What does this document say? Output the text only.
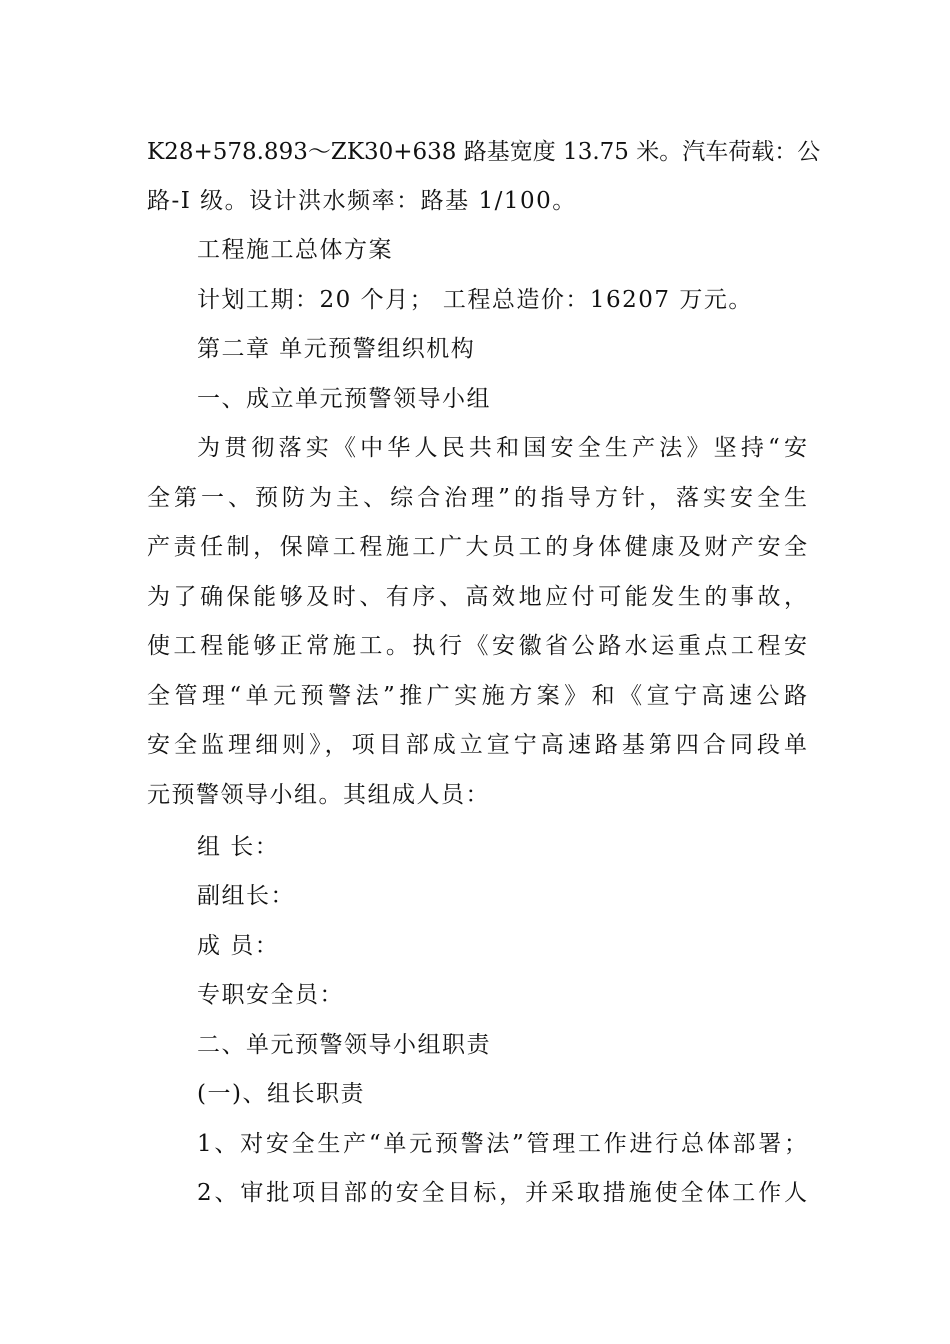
K28+578.893～ZK30+638 路基宽度 13.75 米。汽车荷载：公
路-I 级。设计洪水频率：路基 1/100。
工程施工总体方案
计划工期：20 个月； 工程总造价：16207 万元。
第二章 单元预警组织机构
一、成立单元预警领导小组
为贯彻落实《中华人民共和国安全生产法》坚持“安
全第一、预防为主、综合治理”的指导方针，落实安全生
产责任制，保障工程施工广大员工的身体健康及财产安全
为了确保能够及时、有序、高效地应付可能发生的事故，
使工程能够正常施工。执行《安徽省公路水运重点工程安
全管理“单元预警法”推广实施方案》和《宣宁高速公路
安全监理细则》，项目部成立宣宁高速路基第四合同段单
元预警领导小组。其组成人员：
组 长：
副组长：
成 员：
专职安全员：
二、单元预警领导小组职责
(一)、组长职责
1、对安全生产“单元预警法”管理工作进行总体部署；
2、审批项目部的安全目标，并采取措施使全体工作人
